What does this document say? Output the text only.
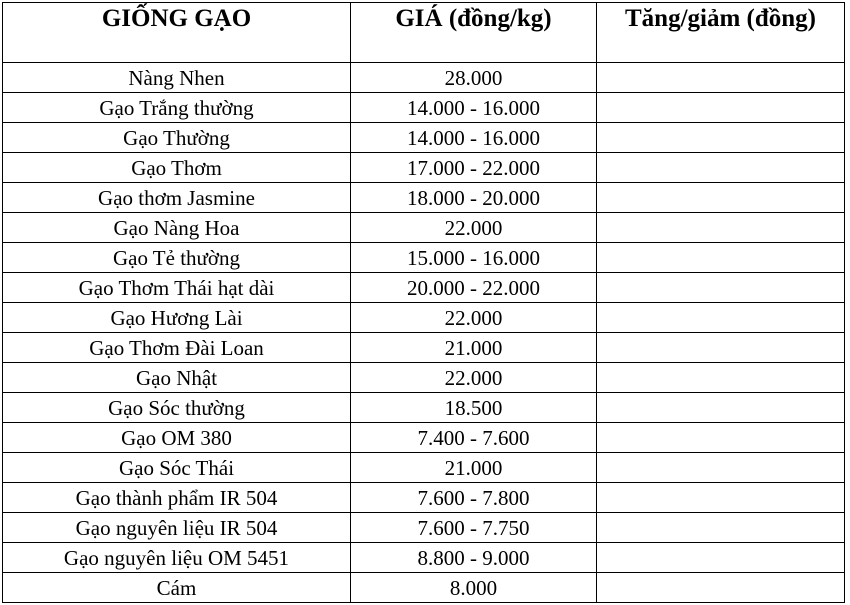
GIỐNG GẠO	GIÁ (đồng/kg)	Tăng/giảm (đồng)
Nàng Nhen	28.000	
Gạo Trắng thường	14.000 - 16.000	
Gạo Thường	14.000 - 16.000	
Gạo Thơm	17.000 - 22.000	
Gạo thơm Jasmine	18.000 - 20.000	
Gạo Nàng Hoa	22.000	
Gạo Tẻ thường	15.000 - 16.000	
Gạo Thơm Thái hạt dài	20.000 - 22.000	
Gạo Hương Lài	22.000	
Gạo Thơm Đài Loan	21.000	
Gạo Nhật	22.000	
Gạo Sóc thường	18.500	
Gạo OM 380	7.400 - 7.600	
Gạo Sóc Thái	21.000	
Gạo thành phẩm IR 504	7.600 - 7.800	
Gạo nguyên liệu IR 504	7.600 - 7.750	
Gạo nguyên liệu OM 5451	8.800 - 9.000	
Cám	8.000	
